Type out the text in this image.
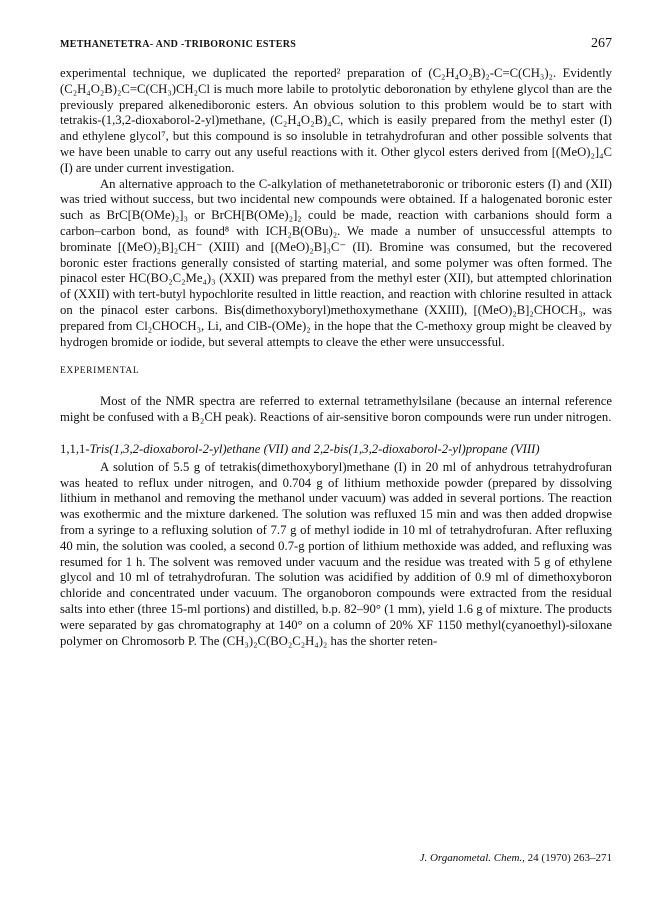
METHANETETRA- AND -TRIBORONIC ESTERS	267

experimental technique, we duplicated the reported² preparation of (C₂H₄O₂B)₂-C=C(CH₃)₂. Evidently (C₂H₄O₂B)₂C=C(CH₃)CH₂Cl is much more labile to protolytic deboronation by ethylene glycol than are the previously prepared alkenediboronic esters. An obvious solution to this problem would be to start with tetrakis-(1,3,2-dioxaborol-2-yl)methane, (C₂H₄O₂B)₄C, which is easily prepared from the methyl ester (I) and ethylene glycol⁷, but this compound is so insoluble in tetrahydrofuran and other possible solvents that we have been unable to carry out any useful reactions with it. Other glycol esters derived from [(MeO)₂]₄C (I) are under current investigation.

An alternative approach to the C-alkylation of methanetetraboronic or triboronic esters (I) and (XII) was tried without success, but two incidental new compounds were obtained. If a halogenated boronic ester such as BrC[B(OMe)₂]₃ or BrCH[B(OMe)₂]₂ could be made, reaction with carbanions should form a carbon–carbon bond, as found⁸ with ICH₂B(OBu)₂. We made a number of unsuccessful attempts to brominate [(MeO)₂B]₂CH⁻ (XIII) and [(MeO)₂B]₃C⁻ (II). Bromine was consumed, but the recovered boronic ester fractions generally consisted of starting material, and some polymer was often formed. The pinacol ester HC(BO₂C₂Me₄)₃ (XXII) was prepared from the methyl ester (XII), but attempted chlorination of (XXII) with tert-butyl hypochlorite resulted in little reaction, and reaction with chlorine resulted in attack on the pinacol ester carbons. Bis(dimethoxyboryl)methoxymethane (XXIII), [(MeO)₂B]₂CHOCH₃, was prepared from Cl₂CHOCH₃, Li, and ClB-(OMe)₂ in the hope that the C-methoxy group might be cleaved by hydrogen bromide or iodide, but several attempts to cleave the ether were unsuccessful.

EXPERIMENTAL

Most of the NMR spectra are referred to external tetramethylsilane (because an internal reference might be confused with a B₂CH peak). Reactions of air-sensitive boron compounds were run under nitrogen.

1,1,1-Tris(1,3,2-dioxaborol-2-yl)ethane (VII) and 2,2-bis(1,3,2-dioxaborol-2-yl)propane (VIII)

A solution of 5.5 g of tetrakis(dimethoxyboryl)methane (I) in 20 ml of anhydrous tetrahydrofuran was heated to reflux under nitrogen, and 0.704 g of lithium methoxide powder (prepared by dissolving lithium in methanol and removing the methanol under vacuum) was added in several portions. The reaction was exothermic and the mixture darkened. The solution was refluxed 15 min and was then added dropwise from a syringe to a refluxing solution of 7.7 g of methyl iodide in 10 ml of tetrahydrofuran. After refluxing 40 min, the solution was cooled, a second 0.7-g portion of lithium methoxide was added, and refluxing was resumed for 1 h. The solvent was removed under vacuum and the residue was treated with 5 g of ethylene glycol and 10 ml of tetrahydrofuran. The solution was acidified by addition of 0.9 ml of dimethoxyboron chloride and concentrated under vacuum. The organoboron compounds were extracted from the residual salts into ether (three 15-ml portions) and distilled, b.p. 82–90° (1 mm), yield 1.6 g of mixture. The products were separated by gas chromatography at 140° on a column of 20% XF 1150 methyl(cyanoethyl)-siloxane polymer on Chromosorb P. The (CH₃)₂C(BO₂C₂H₄)₂ has the shorter reten-

J. Organometal. Chem., 24 (1970) 263–271
